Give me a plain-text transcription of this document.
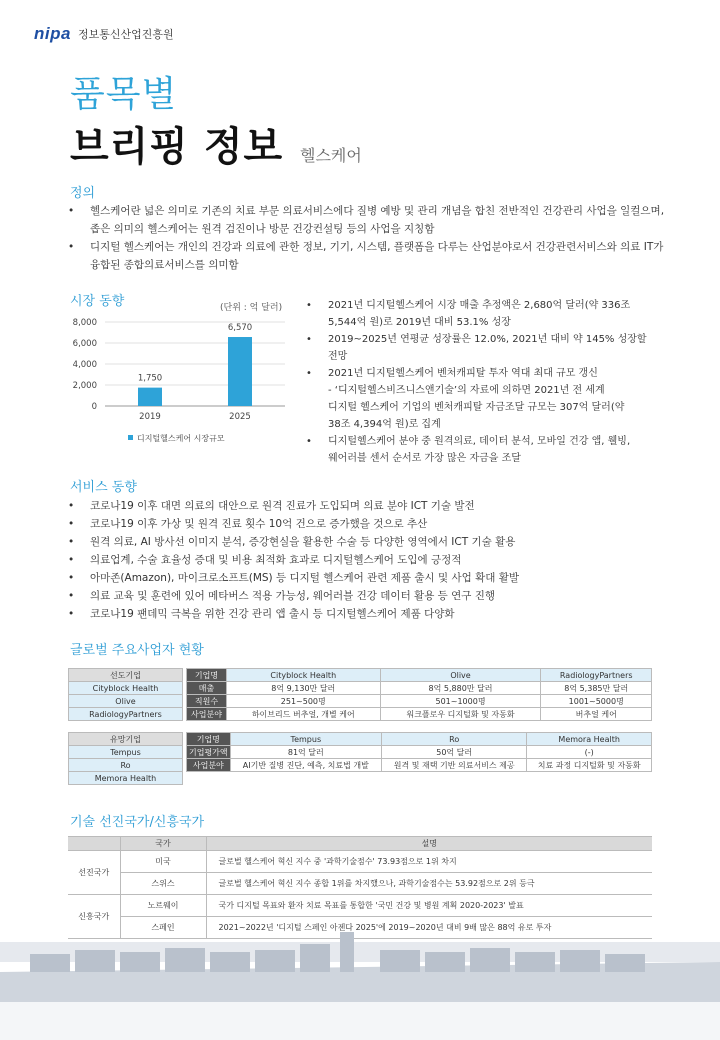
nipa 정보통신산업진흥원
품목별
브리핑 정보 헬스케어
정의
• 헬스케어란 넓은 의미로 기존의 치료 부문 의료서비스에다 질병 예방 및 관리 개념을 합친 전반적인 건강관리 사업을 일컬으며,
좁은 의미의 헬스케어는 원격 검진이나 방문 건강컨설팅 등의 사업을 지칭함
• 디지털 헬스케어는 개인의 건강과 의료에 관한 정보, 기기, 시스템, 플랫폼을 다루는 산업분야로서 건강관련서비스와 의료 IT가
융합된 종합의료서비스를 의미함
시장 동향	(단위 : 억 달러)
8,000
6,000
4,000
2,000
0
2019	2025
1,750
6,570
디지털헬스케어 시장규모
• 2021년 디지털헬스케어 시장 매출 추정액은 2,680억 달러(약 336조
5,544억 원)로 2019년 대비 53.1% 성장
• 2019~2025년 연평균 성장률은 12.0%, 2021년 대비 약 145% 성장할
전망
• 2021년 디지털헬스케어 벤처캐피탈 투자 역대 최대 규모 갱신
- ‘디지털헬스비즈니스앤기술’의 자료에 의하면 2021년 전 세계
디지털 헬스케어 기업의 벤처캐피탈 자금조달 규모는 307억 달러(약
38조 4,394억 원)로 집계
• 디지털헬스케어 분야 중 원격의료, 데이터 분석, 모바일 건강 앱, 웰빙,
웨어러블 센서 순서로 가장 많은 자금을 조달
서비스 동향
• 코로나19 이후 대면 의료의 대안으로 원격 진료가 도입되며 의료 분야 ICT 기술 발전
• 코로나19 이후 가상 및 원격 진료 횟수 10억 건으로 증가했을 것으로 추산
• 원격 의료, AI 방사선 이미지 분석, 증강현실을 활용한 수술 등 다양한 영역에서 ICT 기술 활용
• 의료업계, 수술 효율성 증대 및 비용 최적화 효과로 디지털헬스케어 도입에 긍정적
• 아마존(Amazon), 마이크로소프트(MS) 등 디지털 헬스케어 관련 제품 출시 및 사업 확대 활발
• 의료 교육 및 훈련에 있어 메타버스 적용 가능성, 웨어러블 건강 데이터 활용 등 연구 진행
• 코로나19 팬데믹 극복을 위한 건강 관리 앱 출시 등 디지털헬스케어 제품 다양화
글로벌 주요사업자 현황
선도기업
Cityblock Health
Olive
RadiologyPartners
기업명	Cityblock Health	Olive	RadiologyPartners
매출	8억 9,130만 달러	8억 5,880만 달러	8억 5,385만 달러
직원수	251~500명	501~1000명	1001~5000명
사업분야	하이브리드 버추얼, 개별 케어	워크플로우 디지털화 및 자동화	버추얼 케어
유망기업
Tempus
Ro
Memora Health
기업명	Tempus	Ro	Memora Health
기업평가액	81억 달러	50억 달러	(-)
사업분야	AI기반 질병 진단, 예측, 치료법 개발	원격 및 재택 기반 의료서비스 제공	치료 과정 디지털화 및 자동화
기술 선진국가/신흥국가
	국가	설명
선진국가	미국	글로벌 헬스케어 혁신 지수 중 '과학기술점수' 73.93점으로 1위 차지
	스위스	글로벌 헬스케어 혁신 지수 종합 1위를 차지했으나, 과학기술점수는 53.92점으로 2위 등극
신흥국가	노르웨이	국가 디지털 목표와 환자 치료 목표를 통합한 '국민 건강 및 병원 계획 2020-2023' 발표
	스페인	2021~2022년 '디지털 스페인 아젠다 2025'에 2019~2020년 대비 9배 많은 88억 유로 투자
